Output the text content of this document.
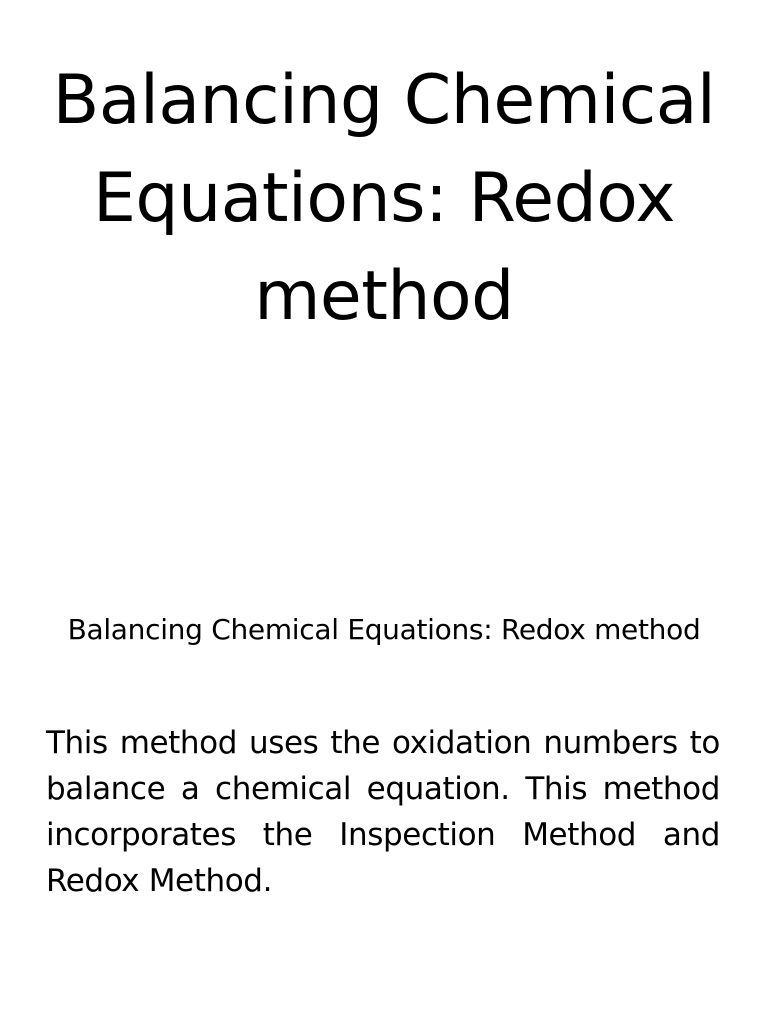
Balancing Chemical Equations: Redox method

Balancing Chemical Equations: Redox method

This method uses the oxidation numbers to balance a chemical equation. This method incorporates the Inspection Method and Redox Method.
